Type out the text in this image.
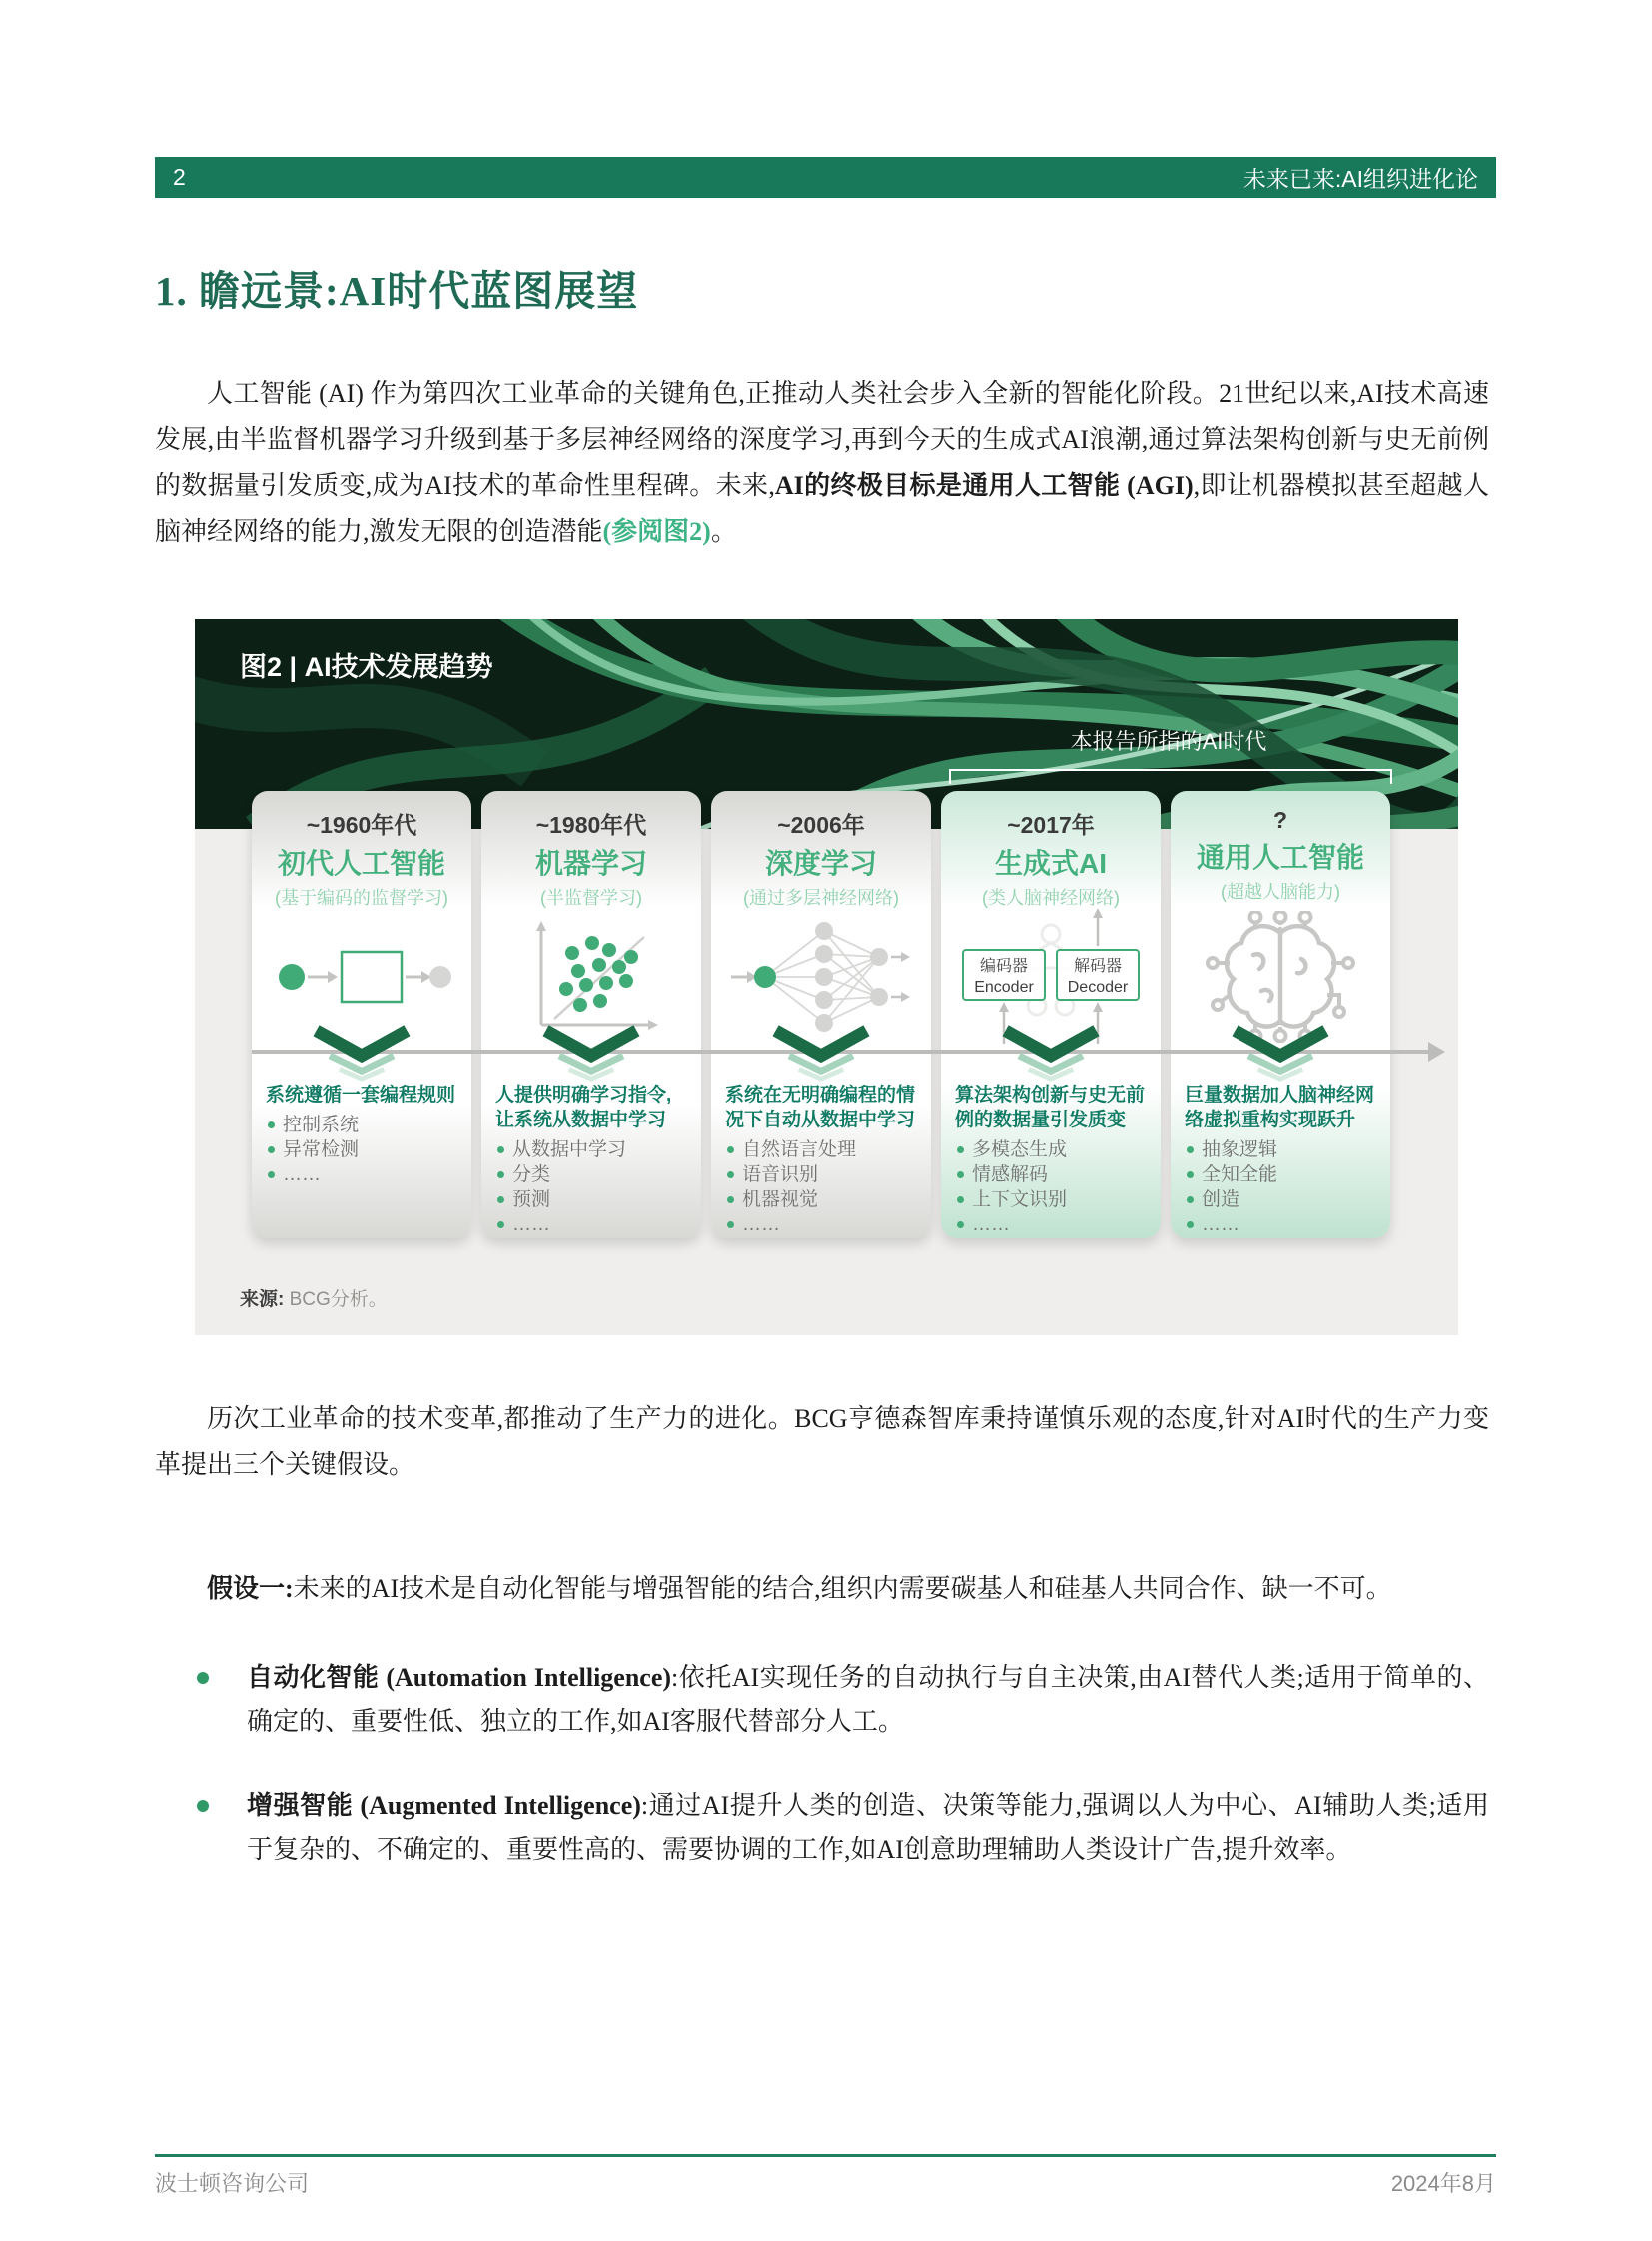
2	未来已来:AI组织进化论
1. 瞻远景:AI时代蓝图展望

人工智能 (AI) 作为第四次工业革命的关键角色,正推动人类社会步入全新的智能化阶段。21世纪以来,AI技术高速发展,由半监督机器学习升级到基于多层神经网络的深度学习,再到今天的生成式AI浪潮,通过算法架构创新与史无前例的数据量引发质变,成为AI技术的革命性里程碑。未来,AI的终极目标是通用人工智能 (AGI),即让机器模拟甚至超越人脑神经网络的能力,激发无限的创造潜能(参阅图2)。

图2 | AI技术发展趋势
本报告所指的AI时代
~1960年代
初代人工智能
(基于编码的监督学习)
系统遵循一套编程规则
控制系统
异常检测
……
~1980年代
机器学习
(半监督学习)
人提供明确学习指令,让系统从数据中学习
从数据中学习
分类
预测
……
~2006年
深度学习
(通过多层神经网络)
系统在无明确编程的情况下自动从数据中学习
自然语言处理
语音识别
机器视觉
……
~2017年
生成式AI
(类人脑神经网络)
编码器
Encoder
解码器
Decoder
算法架构创新与史无前例的数据量引发质变
多模态生成
情感解码
上下文识别
……
?
通用人工智能
(超越人脑能力)
巨量数据加人脑神经网络虚拟重构实现跃升
抽象逻辑
全知全能
创造
……
来源: BCG分析。

历次工业革命的技术变革,都推动了生产力的进化。BCG亨德森智库秉持谨慎乐观的态度,针对AI时代的生产力变革提出三个关键假设。

假设一:未来的AI技术是自动化智能与增强智能的结合,组织内需要碳基人和硅基人共同合作、缺一不可。

自动化智能 (Automation Intelligence):依托AI实现任务的自动执行与自主决策,由AI替代人类;适用于简单的、确定的、重要性低、独立的工作,如AI客服代替部分人工。
增强智能 (Augmented Intelligence):通过AI提升人类的创造、决策等能力,强调以人为中心、AI辅助人类;适用于复杂的、不确定的、重要性高的、需要协调的工作,如AI创意助理辅助人类设计广告,提升效率。
波士顿咨询公司	2024年8月
